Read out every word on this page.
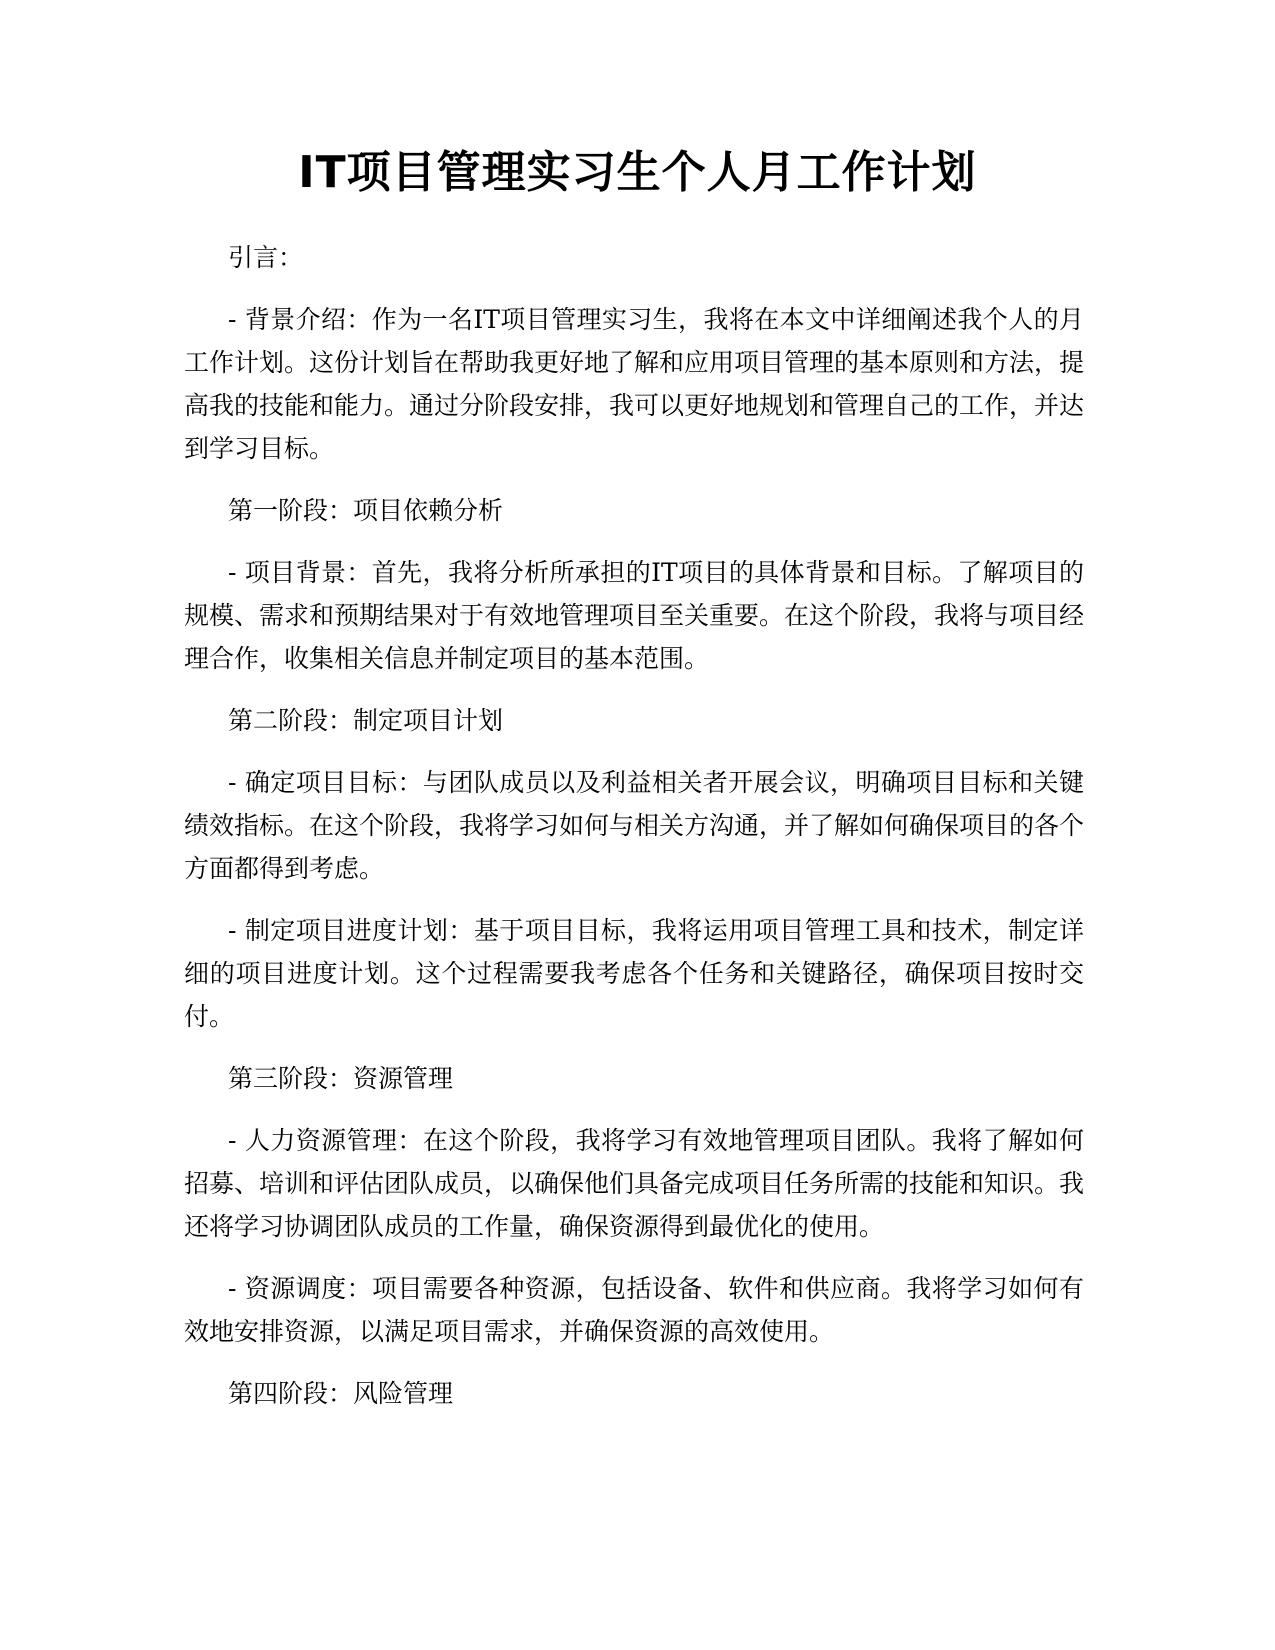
IT项目管理实习生个人月工作计划

引言：

- 背景介绍：作为一名IT项目管理实习生，我将在本文中详细阐述我个人的月工作计划。这份计划旨在帮助我更好地了解和应用项目管理的基本原则和方法，提高我的技能和能力。通过分阶段安排，我可以更好地规划和管理自己的工作，并达到学习目标。

第一阶段：项目依赖分析

- 项目背景：首先，我将分析所承担的IT项目的具体背景和目标。了解项目的规模、需求和预期结果对于有效地管理项目至关重要。在这个阶段，我将与项目经理合作，收集相关信息并制定项目的基本范围。

第二阶段：制定项目计划

- 确定项目目标：与团队成员以及利益相关者开展会议，明确项目目标和关键绩效指标。在这个阶段，我将学习如何与相关方沟通，并了解如何确保项目的各个方面都得到考虑。

- 制定项目进度计划：基于项目目标，我将运用项目管理工具和技术，制定详细的项目进度计划。这个过程需要我考虑各个任务和关键路径，确保项目按时交付。

第三阶段：资源管理

- 人力资源管理：在这个阶段，我将学习有效地管理项目团队。我将了解如何招募、培训和评估团队成员，以确保他们具备完成项目任务所需的技能和知识。我还将学习协调团队成员的工作量，确保资源得到最优化的使用。

- 资源调度：项目需要各种资源，包括设备、软件和供应商。我将学习如何有效地安排资源，以满足项目需求，并确保资源的高效使用。

第四阶段：风险管理
